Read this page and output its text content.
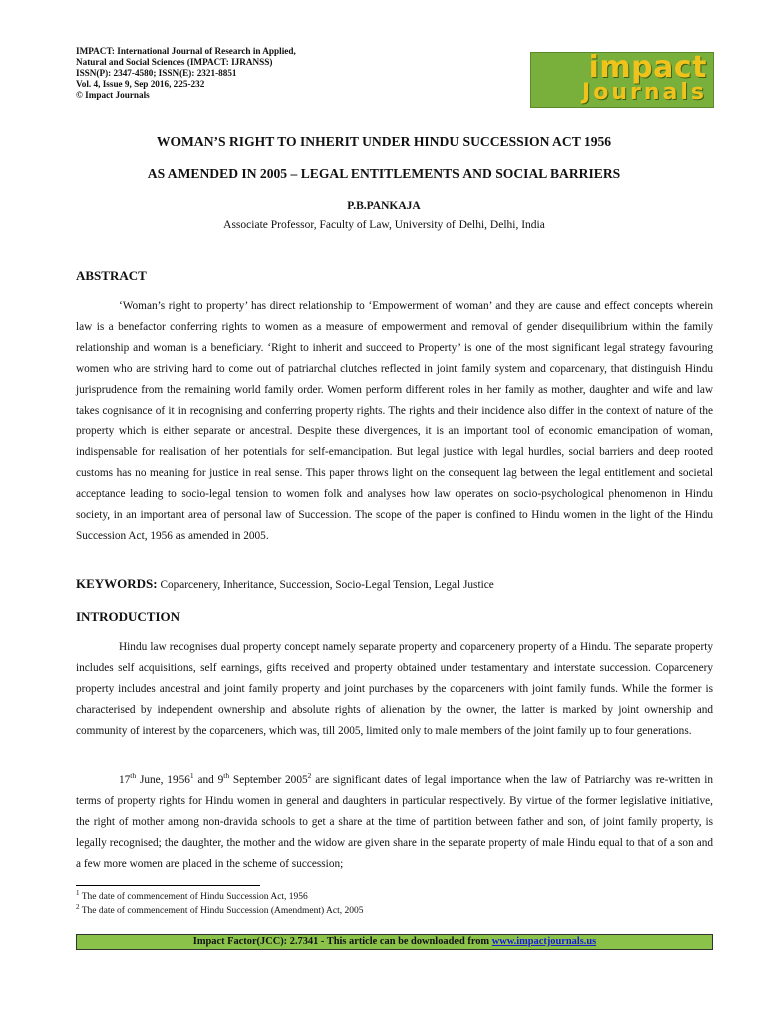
IMPACT: International Journal of Research in Applied,
Natural and Social Sciences (IMPACT: IJRANSS)
ISSN(P): 2347-4580; ISSN(E): 2321-8851
Vol. 4, Issue 9, Sep 2016, 225-232
© Impact Journals
impact
Journals
WOMAN’S RIGHT TO INHERIT UNDER HINDU SUCCESSION ACT 1956
AS AMENDED IN 2005 – LEGAL ENTITLEMENTS AND SOCIAL BARRIERS
P.B.PANKAJA
Associate Professor, Faculty of Law, University of Delhi, Delhi, India
ABSTRACT

‘Woman’s right to property’ has direct relationship to ‘Empowerment of woman’ and they are cause and effect concepts wherein law is a benefactor conferring rights to women as a measure of empowerment and removal of gender disequilibrium within the family relationship and woman is a beneficiary. ‘Right to inherit and succeed to Property’ is one of the most significant legal strategy favouring women who are striving hard to come out of patriarchal clutches reflected in joint family system and coparcenary, that distinguish Hindu jurisprudence from the remaining world family order. Women perform different roles in her family as mother, daughter and wife and law takes cognisance of it in recognising and conferring property rights. The rights and their incidence also differ in the context of nature of the property which is either separate or ancestral. Despite these divergences, it is an important tool of economic emancipation of woman, indispensable for realisation of her potentials for self-emancipation. But legal justice with legal hurdles, social barriers and deep rooted customs has no meaning for justice in real sense. This paper throws light on the consequent lag between the legal entitlement and societal acceptance leading to socio-legal tension to women folk and analyses how law operates on socio-psychological phenomenon in Hindu society, in an important area of personal law of Succession. The scope of the paper is confined to Hindu women in the light of the Hindu Succession Act, 1956 as amended in 2005.

KEYWORDS: Coparcenery, Inheritance, Succession, Socio-Legal Tension, Legal Justice
INTRODUCTION

Hindu law recognises dual property concept namely separate property and coparcenery property of a Hindu. The separate property includes self acquisitions, self earnings, gifts received and property obtained under testamentary and interstate succession. Coparcenery property includes ancestral and joint family property and joint purchases by the coparceners with joint family funds. While the former is characterised by independent ownership and absolute rights of alienation by the owner, the latter is marked by joint ownership and community of interest by the coparceners, which was, till 2005, limited only to male members of the joint family up to four generations.

17th June, 1956$^1$ and 9th September 2005$^2$ are significant dates of legal importance when the law of Patriarchy was re-written in terms of property rights for Hindu women in general and daughters in particular respectively. By virtue of the former legislative initiative, the right of mother among non-dravida schools to get a share at the time of partition between father and son, of joint family property, is legally recognised; the daughter, the mother and the widow are given share in the separate property of male Hindu equal to that of a son and a few more women are placed in the scheme of succession;

$^1$ The date of commencement of Hindu Succession Act, 1956
$^2$ The date of commencement of Hindu Succession (Amendment) Act, 2005
Impact Factor(JCC): 2.7341 - This article can be downloaded from www.impactjournals.us
